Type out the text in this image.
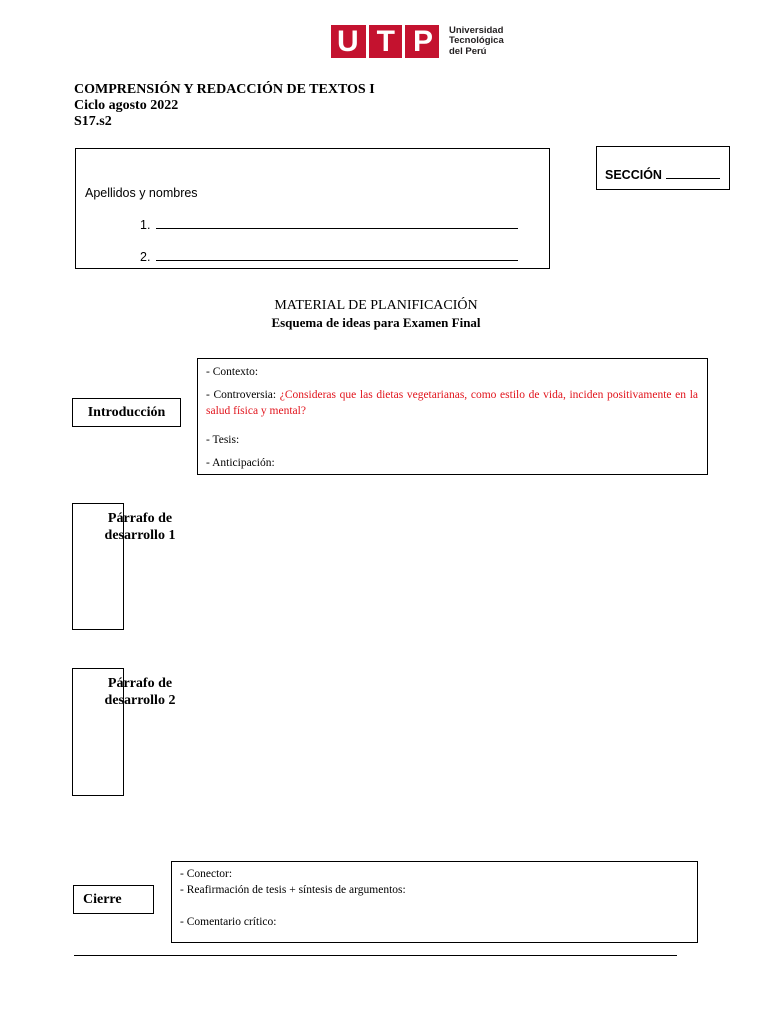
U T P Universidad
Tecnológica
del Perú
COMPRENSIÓN Y REDACCIÓN DE TEXTOS I
Ciclo agosto 2022
S17.s2
Apellidos y nombres
1.
2.
SECCIÓN
MATERIAL DE PLANIFICACIÓN
Esquema de ideas para Examen Final
Introducción

- Contexto:

- Controversia: ¿Consideras que las dietas vegetarianas, como estilo de vida, inciden positivamente en la salud física y mental?

- Tesis:

- Anticipación:

Párrafo de
desarrollo 1
Párrafo de
desarrollo 2
- Conector:
- Reafirmación de tesis + síntesis de argumentos:
- Comentario crítico:
Cierre
